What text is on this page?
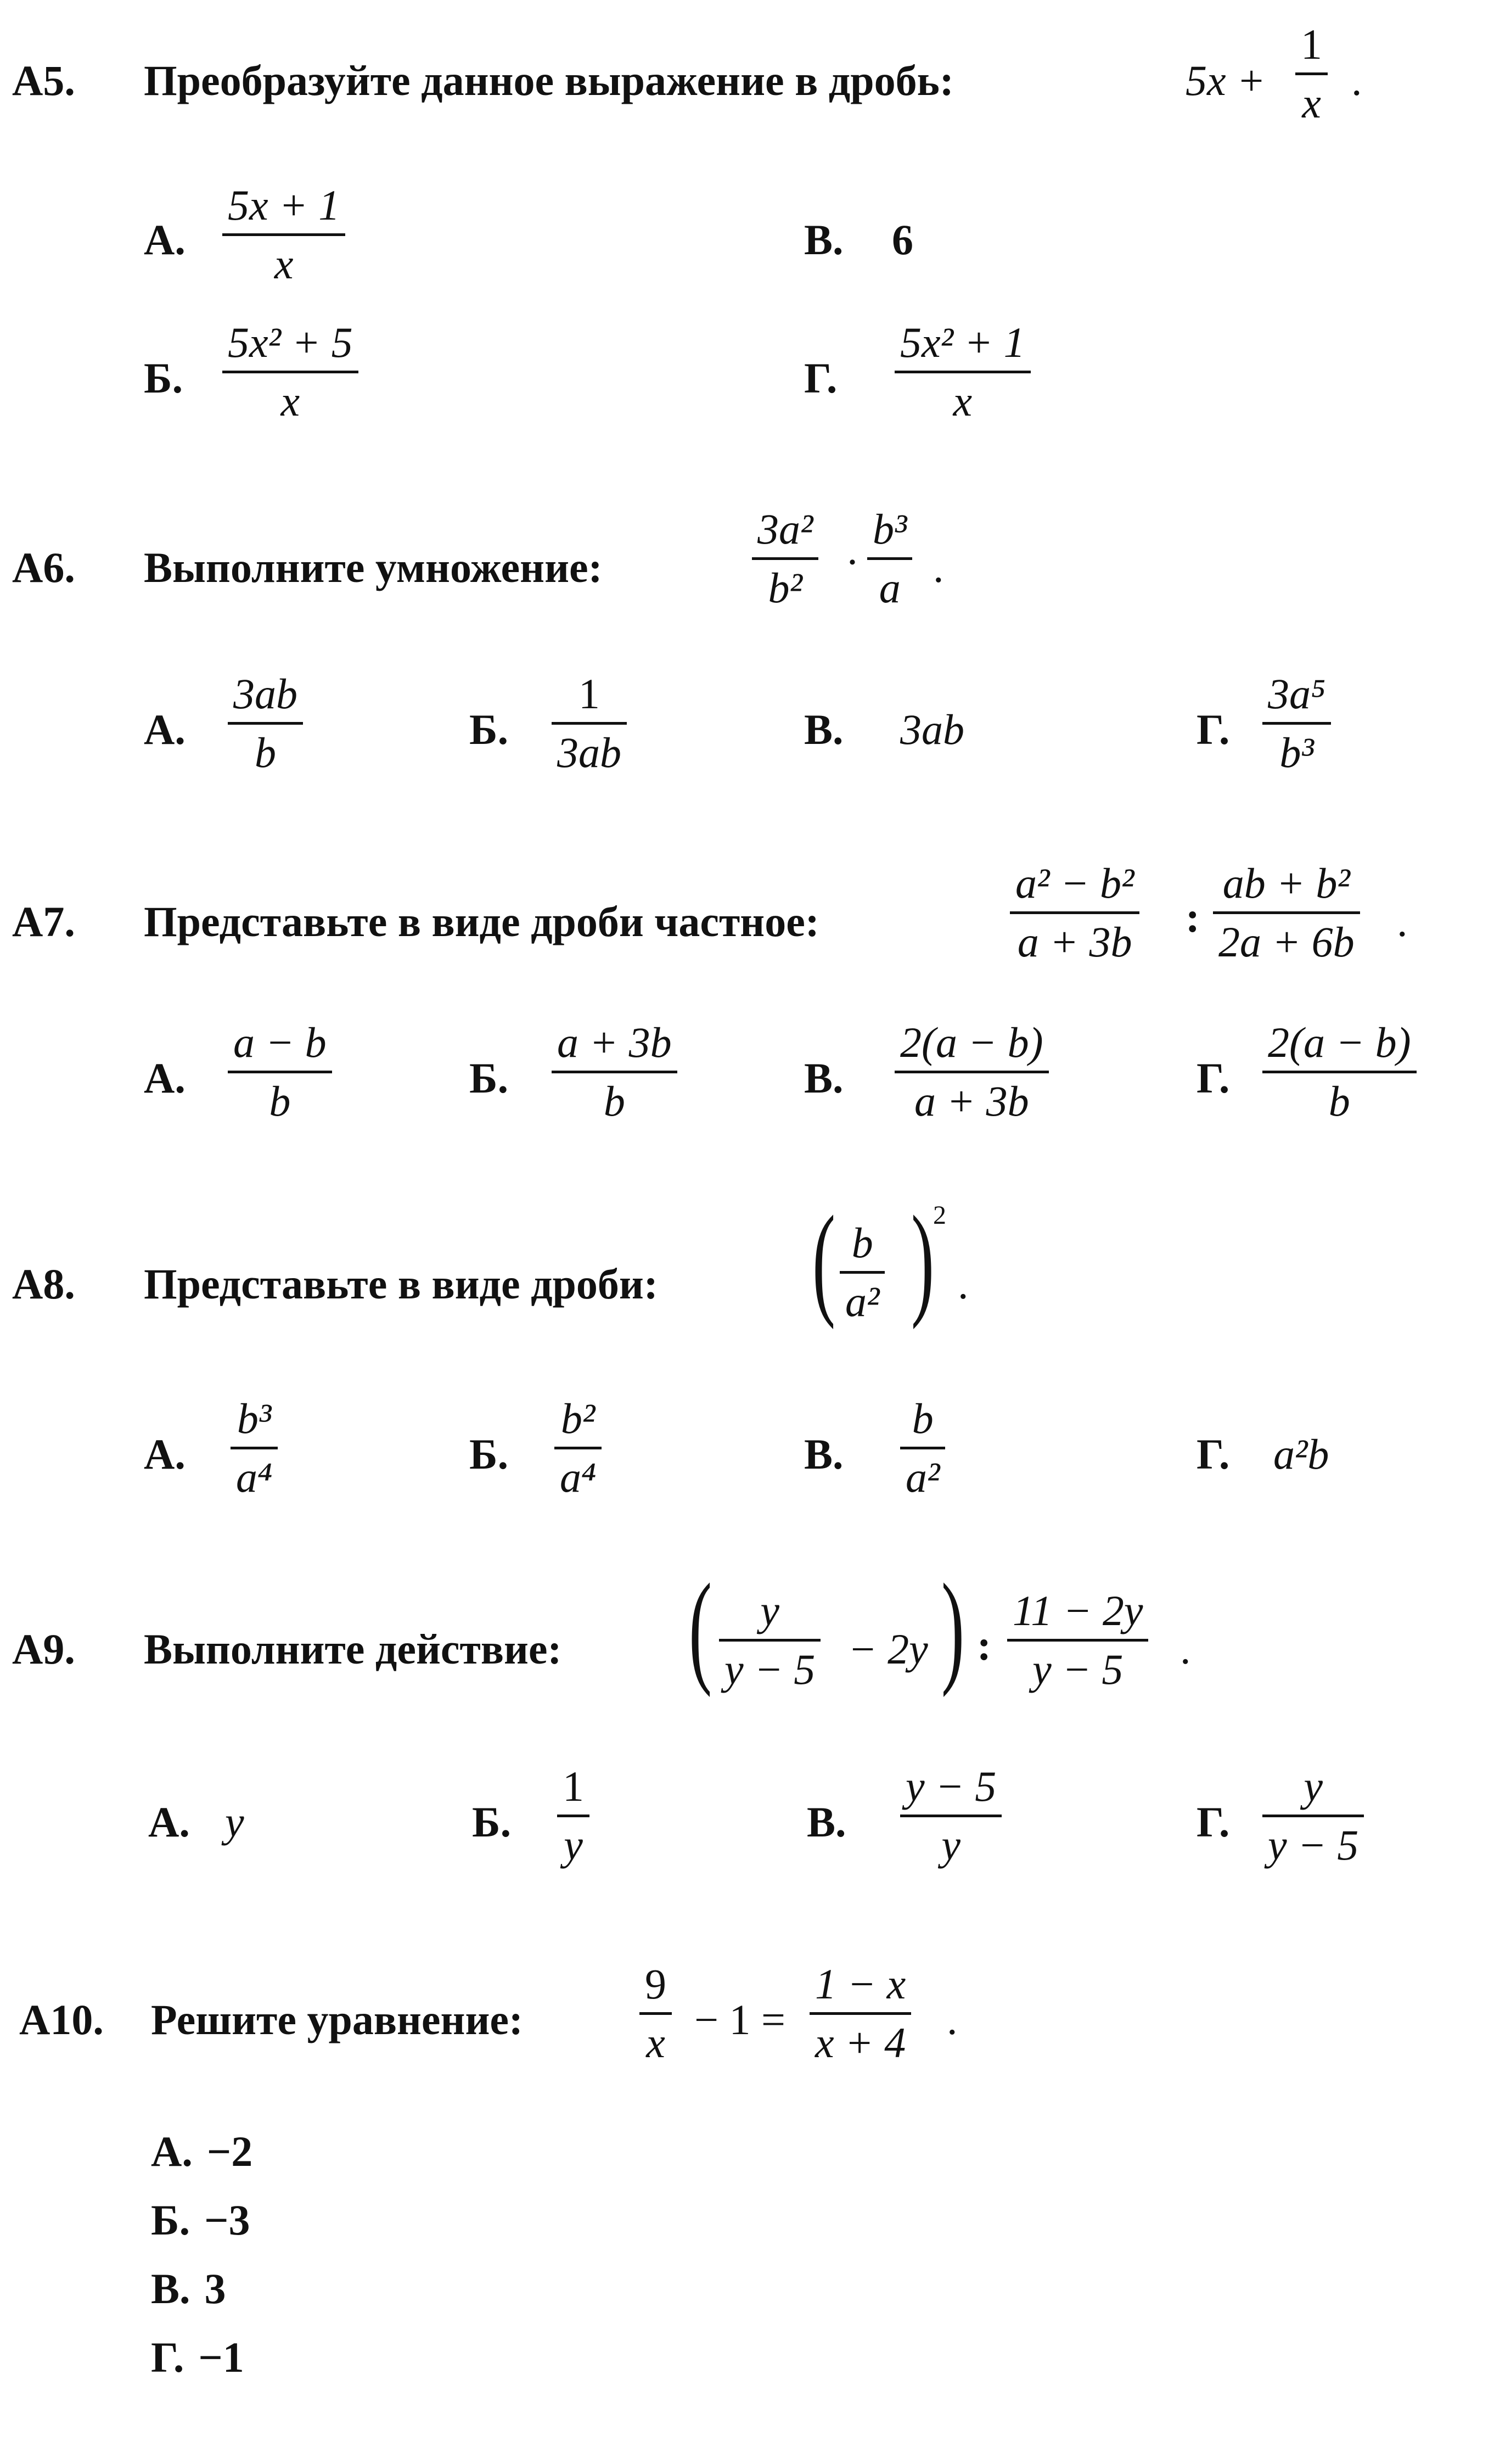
A5. Преобразуйте данное выражение в дробь:	5x +
1
x .
А.
5x + 1
x
В. 6
Б.
5x² + 5
x	Г.
5x² + 1
x
A6. Выполните умножение:
3a²
b²
·
b³
a .
А.
3ab
b	Б.
1
3ab	В. 3ab	Г.
3a⁵
b³
A7. Представьте в виде дроби частное:
a² − b²
a + 3b
:
ab + b²
2a + 6b .
А.
a − b
b	Б.
a + 3b
b	В.
2(a − b)
a + 3b	Г.
2(a − b)
b
A8. Представьте в виде дроби: ( b
a² )
2
.
А.
b³
a⁴	Б.
b²
a⁴	В.
b
a²	Г. a²b
A9. Выполните действие: ( y
y − 5 − 2y ) :
11 − 2y
y − 5 .
А. y	Б.
1
y	В.
y − 5
y	Г.
y
y − 5
A10. Решите уравнение:
9
x − 1 =
1 − x
x + 4 .
А. −2
Б. −3
В. 3
Г. −1
